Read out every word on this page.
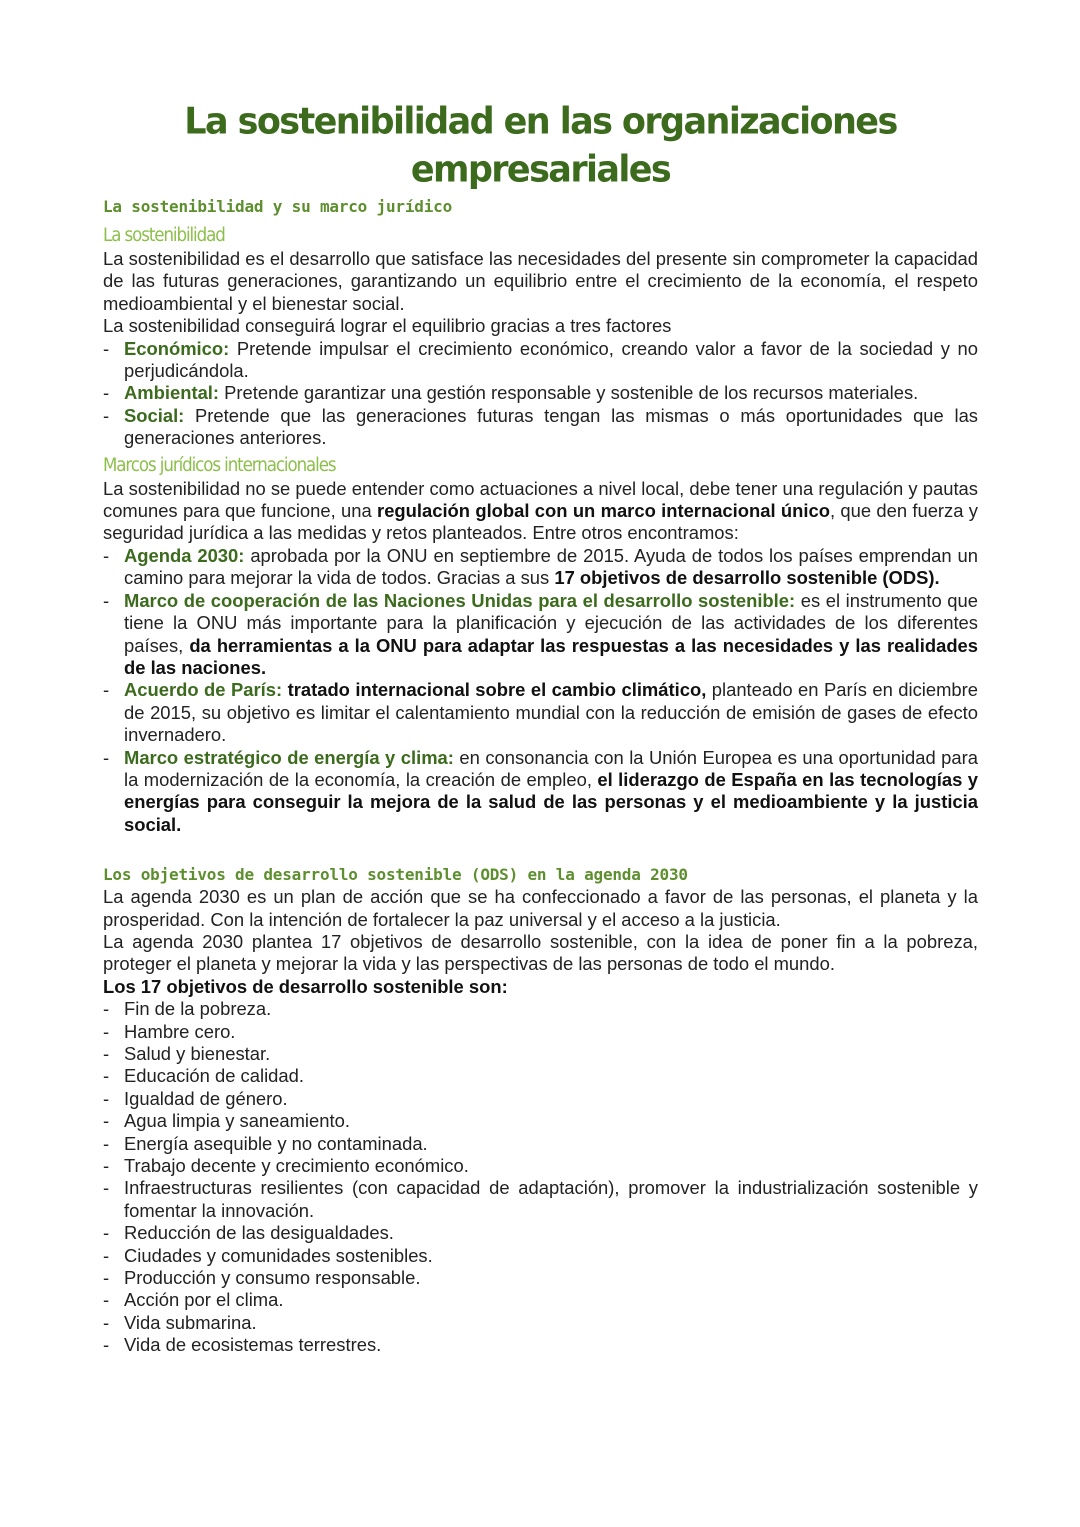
La sostenibilidad en las organizaciones empresariales
La sostenibilidad y su marco jurídico
La sostenibilidad

La sostenibilidad es el desarrollo que satisface las necesidades del presente sin comprometer la capacidad de las futuras generaciones, garantizando un equilibrio entre el crecimiento de la economía, el respeto medioambiental y el bienestar social.

La sostenibilidad conseguirá lograr el equilibrio gracias a tres factores

- Económico: Pretende impulsar el crecimiento económico, creando valor a favor de la sociedad y no perjudicándola.
- Ambiental: Pretende garantizar una gestión responsable y sostenible de los recursos materiales.
- Social: Pretende que las generaciones futuras tengan las mismas o más oportunidades que las generaciones anteriores.
Marcos jurídicos internacionales

La sostenibilidad no se puede entender como actuaciones a nivel local, debe tener una regulación y pautas comunes para que funcione, una regulación global con un marco internacional único, que den fuerza y seguridad jurídica a las medidas y retos planteados. Entre otros encontramos:

- Agenda 2030: aprobada por la ONU en septiembre de 2015. Ayuda de todos los países emprendan un camino para mejorar la vida de todos. Gracias a sus 17 objetivos de desarrollo sostenible (ODS).
- Marco de cooperación de las Naciones Unidas para el desarrollo sostenible: es el instrumento que tiene la ONU más importante para la planificación y ejecución de las actividades de los diferentes países, da herramientas a la ONU para adaptar las respuestas a las necesidades y las realidades de las naciones.
- Acuerdo de París: tratado internacional sobre el cambio climático, planteado en París en diciembre de 2015, su objetivo es limitar el calentamiento mundial con la reducción de emisión de gases de efecto invernadero.
- Marco estratégico de energía y clima: en consonancia con la Unión Europea es una oportunidad para la modernización de la economía, la creación de empleo, el liderazgo de España en las tecnologías y energías para conseguir la mejora de la salud de las personas y el medioambiente y la justicia social.
Los objetivos de desarrollo sostenible (ODS) en la agenda 2030

La agenda 2030 es un plan de acción que se ha confeccionado a favor de las personas, el planeta y la prosperidad. Con la intención de fortalecer la paz universal y el acceso a la justicia.

La agenda 2030 plantea 17 objetivos de desarrollo sostenible, con la idea de poner fin a la pobreza, proteger el planeta y mejorar la vida y las perspectivas de las personas de todo el mundo.

Los 17 objetivos de desarrollo sostenible son:

- Fin de la pobreza.
- Hambre cero.
- Salud y bienestar.
- Educación de calidad.
- Igualdad de género.
- Agua limpia y saneamiento.
- Energía asequible y no contaminada.
- Trabajo decente y crecimiento económico.
- Infraestructuras resilientes (con capacidad de adaptación), promover la industrialización sostenible y fomentar la innovación.
- Reducción de las desigualdades.
- Ciudades y comunidades sostenibles.
- Producción y consumo responsable.
- Acción por el clima.
- Vida submarina.
- Vida de ecosistemas terrestres.
